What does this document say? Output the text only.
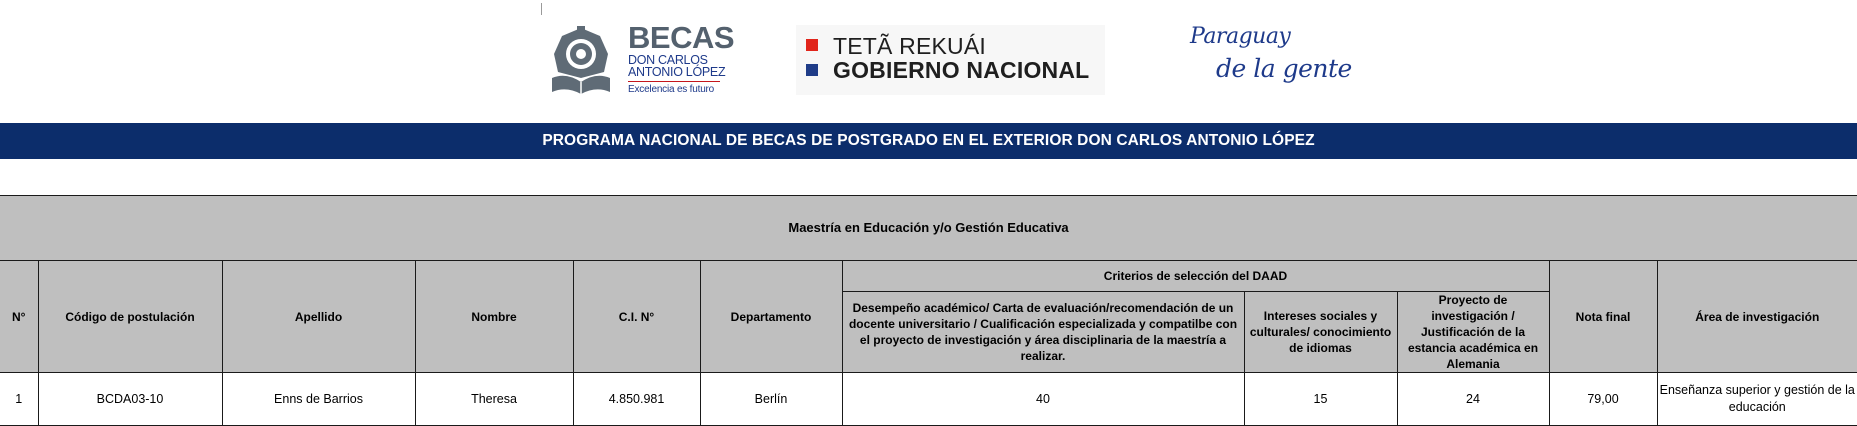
BECAS
DON CARLOS
ANTONIO LÓPEZ
Excelencia es futuro
TETÃ REKUÁI
GOBIERNO NACIONAL
Paraguay
de la gente
PROGRAMA NACIONAL DE BECAS DE POSTGRADO EN EL EXTERIOR DON CARLOS ANTONIO LÓPEZ
Maestría en Educación y/o Gestión Educativa										
N°	Código de postulación	Apellido	Nombre	C.I. N°	Departamento	Criterios de selección del DAAD			Nota final	Área de investigación
						Desempeño académico/ Carta de evaluación/recomendación de un docente universitario / Cualificación especializada y compatilbe con el proyecto de investigación y área disciplinaria de la maestría a realizar.	Intereses sociales y culturales/ conocimiento de idiomas	Proyecto de investigación / Justificación de la estancia académica en Alemania		
1	BCDA03-10	Enns de Barrios	Theresa	4.850.981	Berlín	40	15	24	79,00	Enseñanza superior y gestión de la educación
